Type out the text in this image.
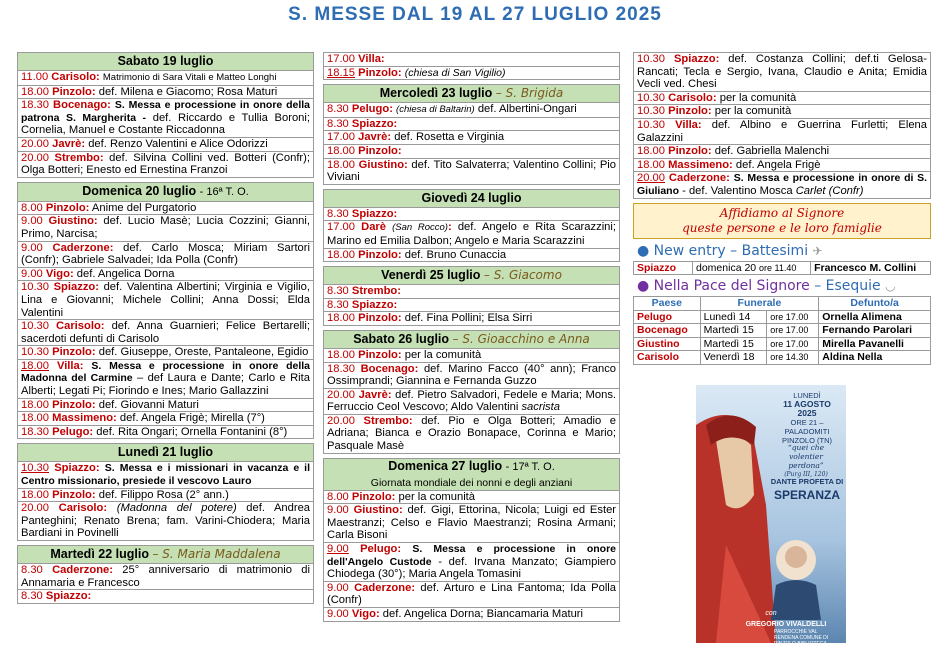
S. MESSE DAL 19 AL 27 LUGLIO 2025
Sabato 19 luglio
11.00 Carisolo: Matrimonio di Sara Vitali e Matteo Longhi
18.00 Pinzolo: def. Milena e Giacomo; Rosa Maturi
18.30 Bocenago: S. Messa e processione in onore della patrona S. Margherita - def. Riccardo e Tullia Boroni; Cornelia, Manuel e Costante Riccadonna
20.00 Javrè: def. Renzo Valentini e Alice Odorizzi
20.00 Strembo: def. Silvina Collini ved. Botteri (Confr); Olga Botteri; Enesto ed Ernestina Franzoi
Domenica 20 luglio - 16ª T. O.
8.00 Pinzolo: Anime del Purgatorio
9.00 Giustino: def. Lucio Masè; Lucia Cozzini; Gianni, Primo, Narcisa;
9.00 Caderzone: def. Carlo Mosca; Miriam Sartori (Confr); Gabriele Salvadei; Ida Polla (Confr)
9.00 Vigo: def. Angelica Dorna
10.30 Spiazzo: def. Valentina Albertini; Virginia e Vigilio, Lina e Giovanni; Michele Collini; Anna Dossi; Elda Valentini
10.30 Carisolo: def. Anna Guarnieri; Felice Bertarelli; sacerdoti defunti di Carisolo
10.30 Pinzolo: def. Giuseppe, Oreste, Pantaleone, Egidio
18.00 Villa: S. Messa e processione in onore della Madonna del Carmine – def Laura e Dante; Carlo e Rita Alberti; Legati Pi; Fiorindo e Ines; Mario Gallazzini
18.00 Pinzolo: def. Giovanni Maturi
18.00 Massimeno: def. Angela Frigè; Mirella (7°)
18.30 Pelugo: def. Rita Ongari; Ornella Fontanini (8°)
Lunedì 21 luglio
10.30 Spiazzo: S. Messa e i missionari in vacanza e il Centro missionario, presiede il vescovo Lauro
18.00 Pinzolo: def. Filippo Rosa (2° ann.)
20.00 Carisolo: (Madonna del potere) def. Andrea Panteghini; Renato Brena; fam. Varini-Chiodera; Maria Bardiani in Povinelli
Martedì 22 luglio – S. Maria Maddalena
8.30 Caderzone: 25° anniversario di matrimonio di Annamaria e Francesco
8.30 Spiazzo:
17.00 Villa:
18.15 Pinzolo: (chiesa di San Vigilio)
Mercoledì 23 luglio – S. Brigida
8.30 Pelugo: (chiesa di Baltarin) def. Albertini-Ongari
8.30 Spiazzo:
17.00 Javrè: def. Rosetta e Virginia
18.00 Pinzolo:
18.00 Giustino: def. Tito Salvaterra; Valentino Collini; Pio Viviani
Giovedì 24 luglio
8.30 Spiazzo:
17.00 Darè (San Rocco): def. Angelo e Rita Scarazzini; Marino ed Emilia Dalbon; Angelo e Maria Scarazzini
18.00 Pinzolo: def. Bruno Cunaccia
Venerdì 25 luglio – S. Giacomo
8.30 Strembo:
8.30 Spiazzo:
18.00 Pinzolo: def. Fina Pollini; Elsa Sirri
Sabato 26 luglio – S. Gioacchino e Anna
18.00 Pinzolo: per la comunità
18.30 Bocenago: def. Marino Facco (40° ann); Franco Ossimprandi; Giannina e Fernanda Guzzo
20.00 Javrè: def. Pietro Salvadori, Fedele e Maria; Mons. Ferruccio Ceol Vescovo; Aldo Valentini sacrista
20.00 Strembo: def. Pio e Olga Botteri; Amadio e Adriana; Bianca e Orazio Bonapace, Corinna e Mario; Pasquale Masè
Domenica 27 luglio - 17ª T. O.
Giornata mondiale dei nonni e degli anziani
8.00 Pinzolo: per la comunità
9.00 Giustino: def. Gigi, Ettorina, Nicola; Luigi ed Ester Maestranzi; Celso e Flavio Maestranzi; Rosina Armani; Carla Bisoni
9.00 Pelugo: S. Messa e processione in onore dell'Angelo Custode - def. Irvana Manzato; Giampiero Chiodega (30°); Maria Angela Tomasini
9.00 Caderzone: def. Arturo e Lina Fantoma; Ida Polla (Confr)
9.00 Vigo: def. Angelica Dorna; Biancamaria Maturi
10.30 Spiazzo: def. Costanza Collini; def.ti Gelosa-Rancati; Tecla e Sergio, Ivana, Claudio e Anita; Emidia Vecli ved. Chesi
10.30 Carisolo: per la comunità
10.30 Pinzolo: per la comunità
10.30 Villa: def. Albino e Guerrina Furletti; Elena Galazzini
18.00 Pinzolo: def. Gabriella Malenchi
18.00 Massimeno: def. Angela Frigè
20.00 Caderzone: S. Messa e processione in onore di S. Giuliano - def. Valentino Mosca Carlet (Confr)
Affidiamo al Signore
queste persone e le loro famiglie
● New entry – Battesimi ✈
Spiazzo	domenica 20 ore 11.40	Francesco M. Collini
● Nella Pace del Signore – Esequie ◡
Paese	Funerale		Defunto/a
Pelugo	Lunedì 14	ore 17.00	Ornella Alimena
Bocenago	Martedì 15	ore 17.00	Fernando Parolari
Giustino	Martedì 15	ore 17.00	Mirella Pavanelli
Carisolo	Venerdì 18	ore 14.30	Aldina Nella
LUNEDÌ
11 AGOSTO 2025
ORE 21 – PALADOMITI
PINZOLO (TN)
“quei che volentier perdona”
(Purg III, 120)
DANTE PROFETA DI
SPERANZA
con
GREGORIO VIVALDELLI
PARROCCHIE VAL RENDENA COMUNE DI PINZOLO BIBLIOTECA
